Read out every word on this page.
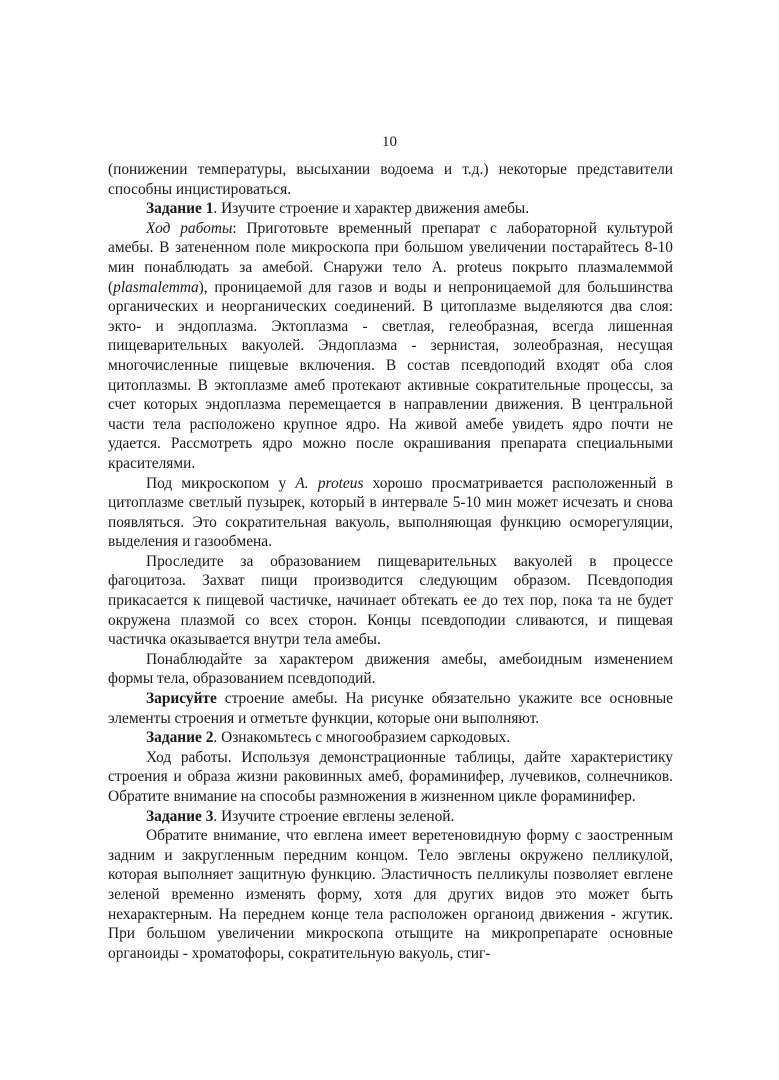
10

(понижении температуры, высыхании водоема и т.д.) некоторые представители способны инцистироваться.

Задание 1. Изучите строение и характер движения амебы.

Ход работы: Приготовьте временный препарат с лабораторной культурой амебы. В затененном поле микроскопа при большом увеличении постарайтесь 8-10 мин понаблюдать за амебой. Снаружи тело A. proteus покрыто плазмалеммой (plasmalemma), проницаемой для газов и воды и непроницаемой для большинства органических и неорганических соединений. В цитоплазме выделяются два слоя: экто- и эндоплазма. Эктоплазма - светлая, гелеобразная, всегда лишенная пищеварительных вакуолей. Эндоплазма - зернистая, золеобразная, несущая многочисленные пищевые включения. В состав псевдоподий входят оба слоя цитоплазмы. В эктоплазме амеб протекают активные сократительные процессы, за счет которых эндоплазма перемещается в направлении движения. В центральной части тела расположено крупное ядро. На живой амебе увидеть ядро почти не удается. Рассмотреть ядро можно после окрашивания препарата специальными красителями.

Под микроскопом у A. proteus хорошо просматривается расположенный в цитоплазме светлый пузырек, который в интервале 5-10 мин может исчезать и снова появляться. Это сократительная вакуоль, выполняющая функцию осморегуляции, выделения и газообмена.

Проследите за образованием пищеварительных вакуолей в процессе фагоцитоза. Захват пищи производится следующим образом. Псевдоподия прикасается к пищевой частичке, начинает обтекать ее до тех пор, пока та не будет окружена плазмой со всех сторон. Концы псевдоподии сливаются, и пищевая частичка оказывается внутри тела амебы.

Понаблюдайте за характером движения амебы, амебоидным изменением формы тела, образованием псевдоподий.

Зарисуйте строение амебы. На рисунке обязательно укажите все основные элементы строения и отметьте функции, которые они выполняют.

Задание 2. Ознакомьтесь с многообразием саркодовых.

Ход работы. Используя демонстрационные таблицы, дайте характеристику строения и образа жизни раковинных амеб, фораминифер, лучевиков, солнечников. Обратите внимание на способы размножения в жизненном цикле фораминифер.

Задание 3. Изучите строение евглены зеленой.

Обратите внимание, что евглена имеет веретеновидную форму с заостренным задним и закругленным передним концом. Тело эвглены окружено пелликулой, которая выполняет защитную функцию. Эластичность пелликулы позволяет евглене зеленой временно изменять форму, хотя для других видов это может быть нехарактерным. На переднем конце тела расположен органоид движения - жгутик. При большом увеличении микроскопа отыщите на микропрепарате основные органоиды - хроматофоры, сократительную вакуоль, стиг-
